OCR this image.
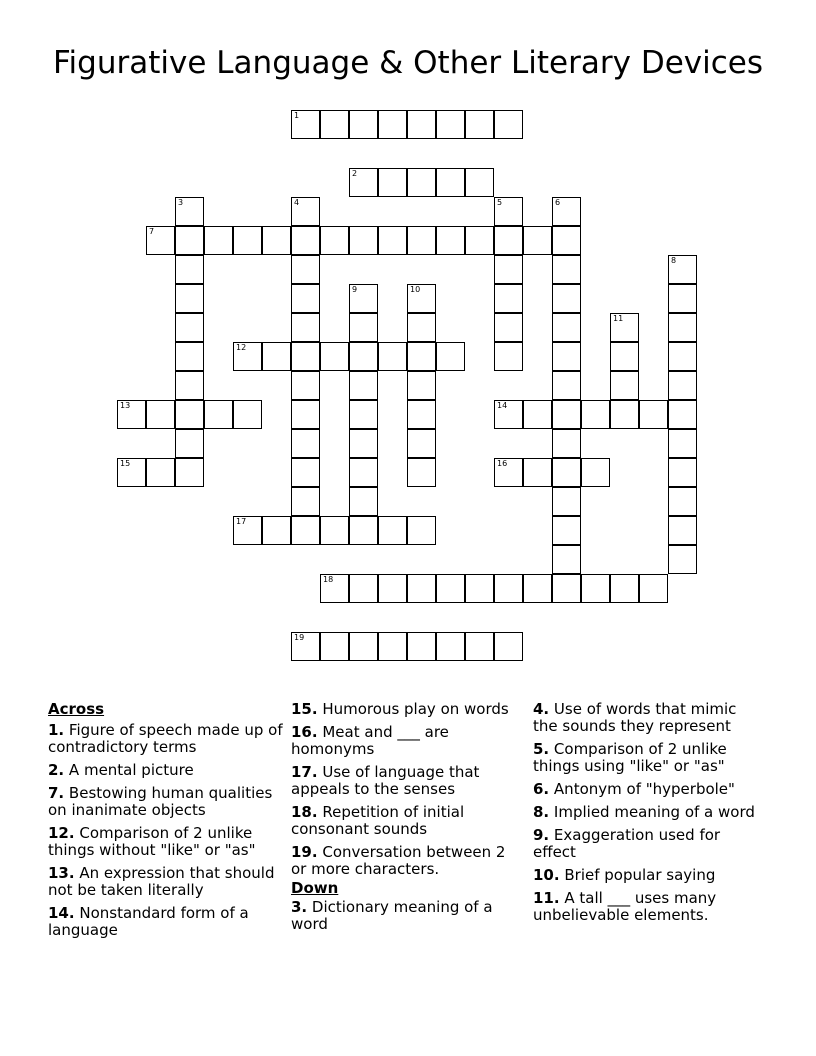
Figurative Language & Other Literary Devices
1
2
7
12
13	14
15	16
17
18
19
3	4	5	6
8
9	10
11

Across

1. Figure of speech made up of contradictory terms

2. A mental picture

7. Bestowing human qualities on inanimate objects

12. Comparison of 2 unlike things without "like" or "as"

13. An expression that should not be taken literally

14. Nonstandard form of a language

15. Humorous play on words

16. Meat and ___ are homonyms

17. Use of language that appeals to the senses

18. Repetition of initial consonant sounds

19. Conversation between 2 or more characters.

Down

3. Dictionary meaning of a word

4. Use of words that mimic the sounds they represent

5. Comparison of 2 unlike things using "like" or "as"

6. Antonym of "hyperbole"

8. Implied meaning of a word

9. Exaggeration used for effect

10. Brief popular saying

11. A tall ___ uses many unbelievable elements.
